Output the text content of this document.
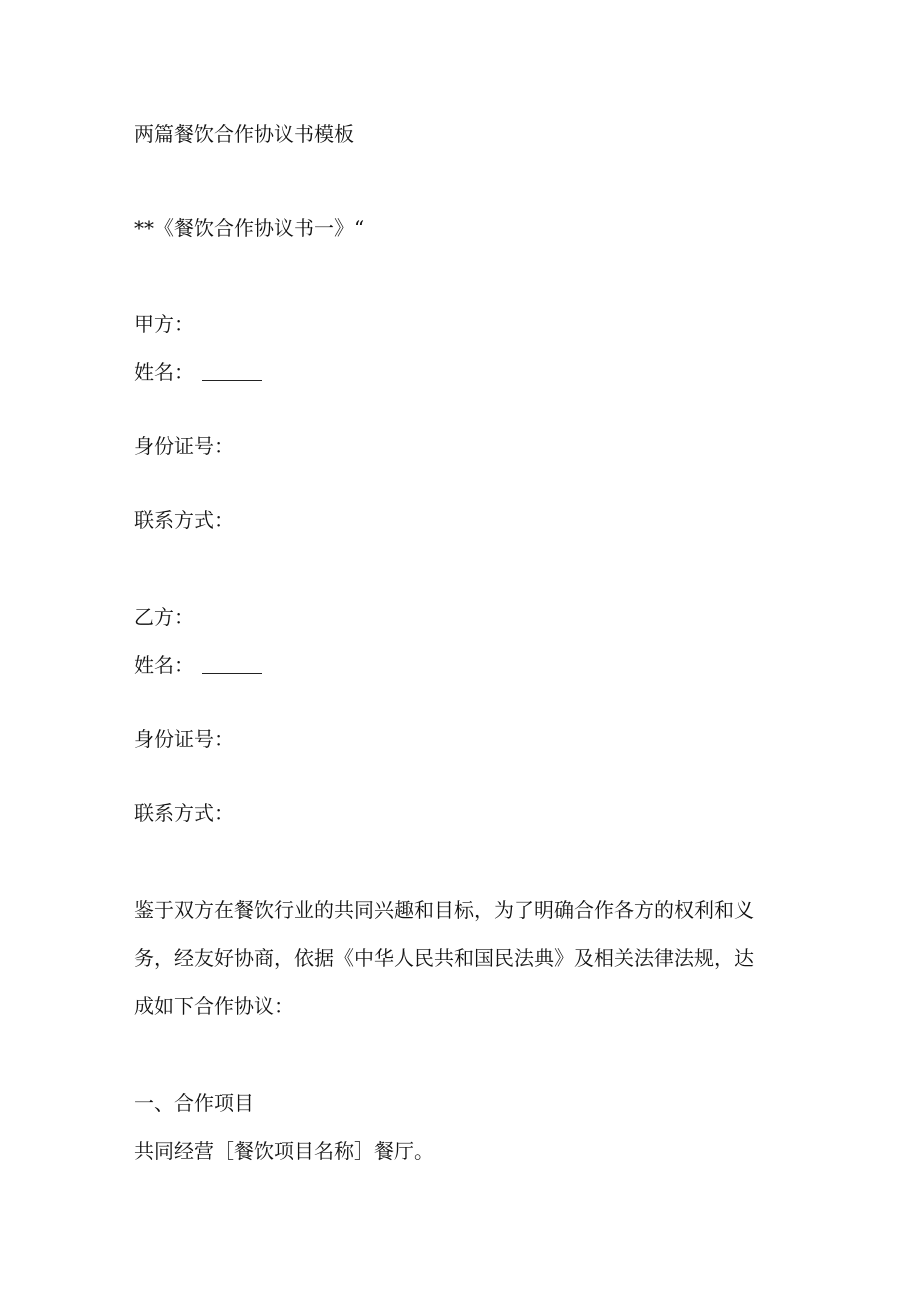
两篇餐饮合作协议书模板
**《餐饮合作协议书一》“
甲方：
姓名：
身份证号：
联系方式：
乙方：
姓名：
身份证号：
联系方式：
鉴于双方在餐饮行业的共同兴趣和目标，为了明确合作各方的权利和义
务，经友好协商，依据《中华人民共和国民法典》及相关法律法规，达
成如下合作协议：
一、合作项目
共同经营［餐饮项目名称］餐厅。
